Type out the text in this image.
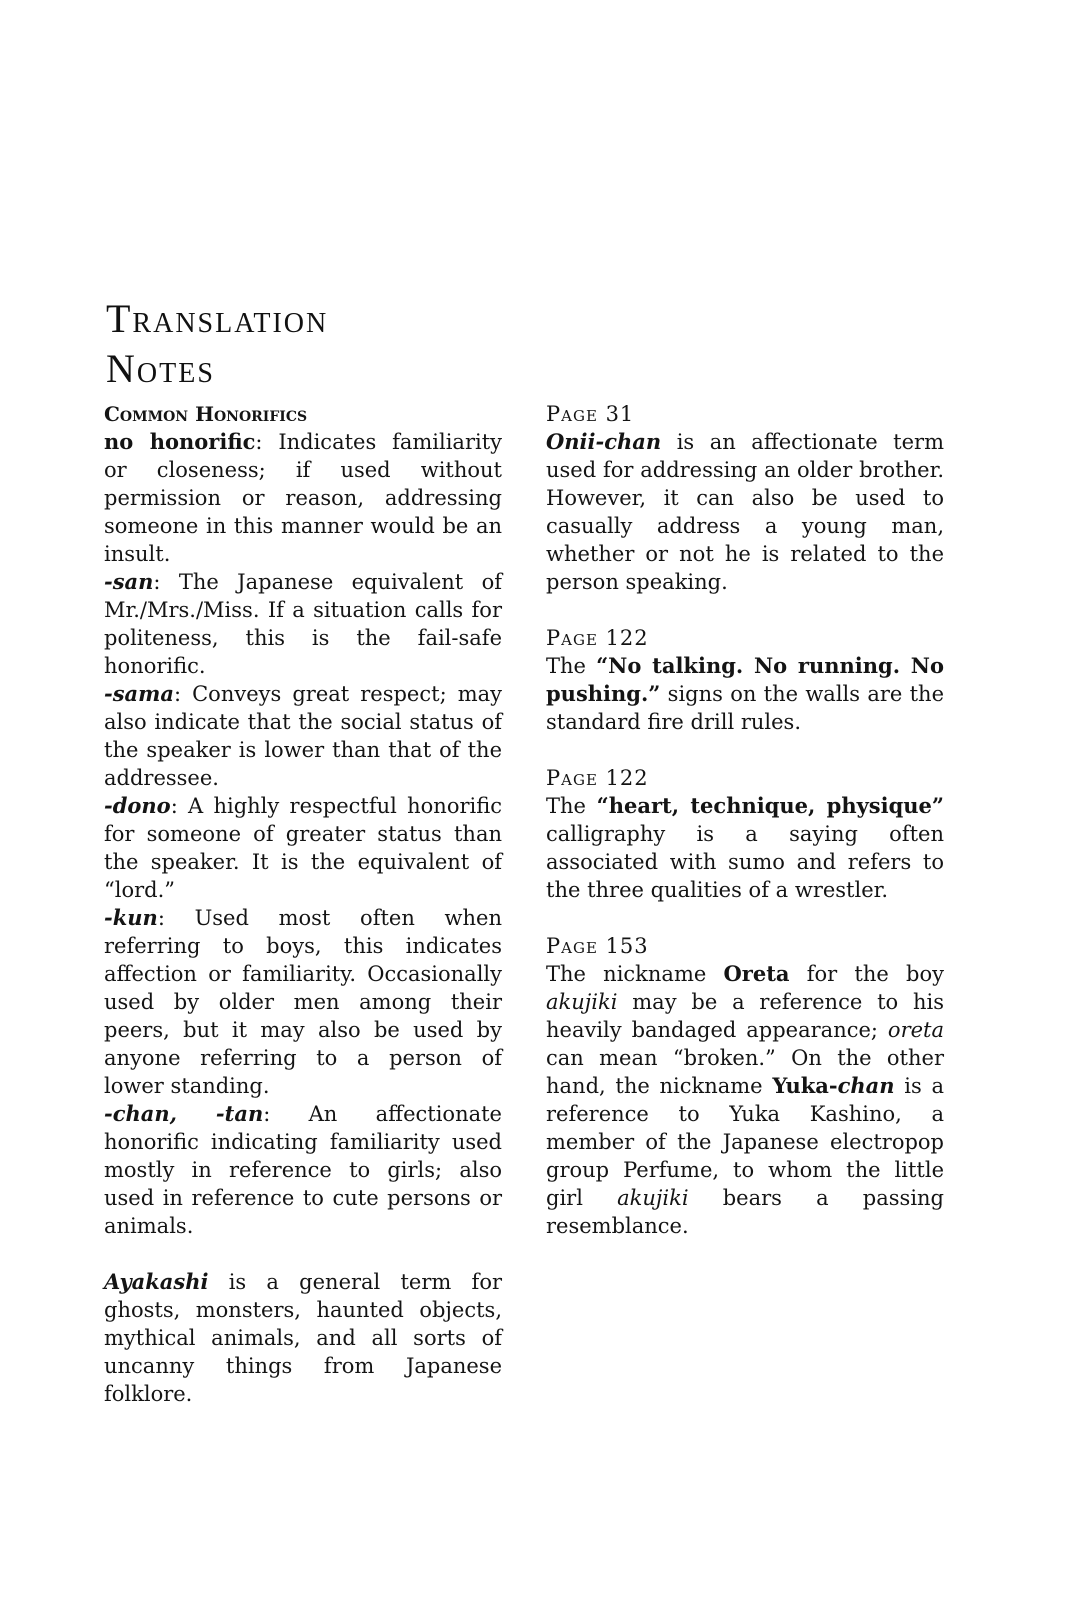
Translation
Notes

Common Honorifics

no honorific: Indicates familiarity or closeness; if used without permission or reason, addressing someone in this manner would be an insult.

-san: The Japanese equivalent of Mr./Mrs./Miss. If a situation calls for politeness, this is the fail-safe honorific.

-sama: Conveys great respect; may also indicate that the social status of the speaker is lower than that of the addressee.

-dono: A highly respectful honorific for someone of greater status than the speaker. It is the equivalent of “lord.”

-kun: Used most often when referring to boys, this indicates affection or familiarity. Occasionally used by older men among their peers, but it may also be used by anyone referring to a person of lower standing.

-chan, -tan: An affectionate honorific indicating familiarity used mostly in reference to girls; also used in reference to cute persons or animals.

Ayakashi is a general term for ghosts, monsters, haunted objects, mythical animals, and all sorts of uncanny things from Japanese folklore.

Page 31

Onii-chan is an affectionate term used for addressing an older brother. However, it can also be used to casually address a young man, whether or not he is related to the person speaking.

Page 122

The “No talking. No running. No pushing.” signs on the walls are the standard fire drill rules.

Page 122

The “heart, technique, physique” calligraphy is a saying often associated with sumo and refers to the three qualities of a wrestler.

Page 153

The nickname Oreta for the boy akujiki may be a reference to his heavily bandaged appearance; oreta can mean “broken.” On the other hand, the nickname Yuka-chan is a reference to Yuka Kashino, a member of the Japanese electropop group Perfume, to whom the little girl akujiki bears a passing resemblance.
